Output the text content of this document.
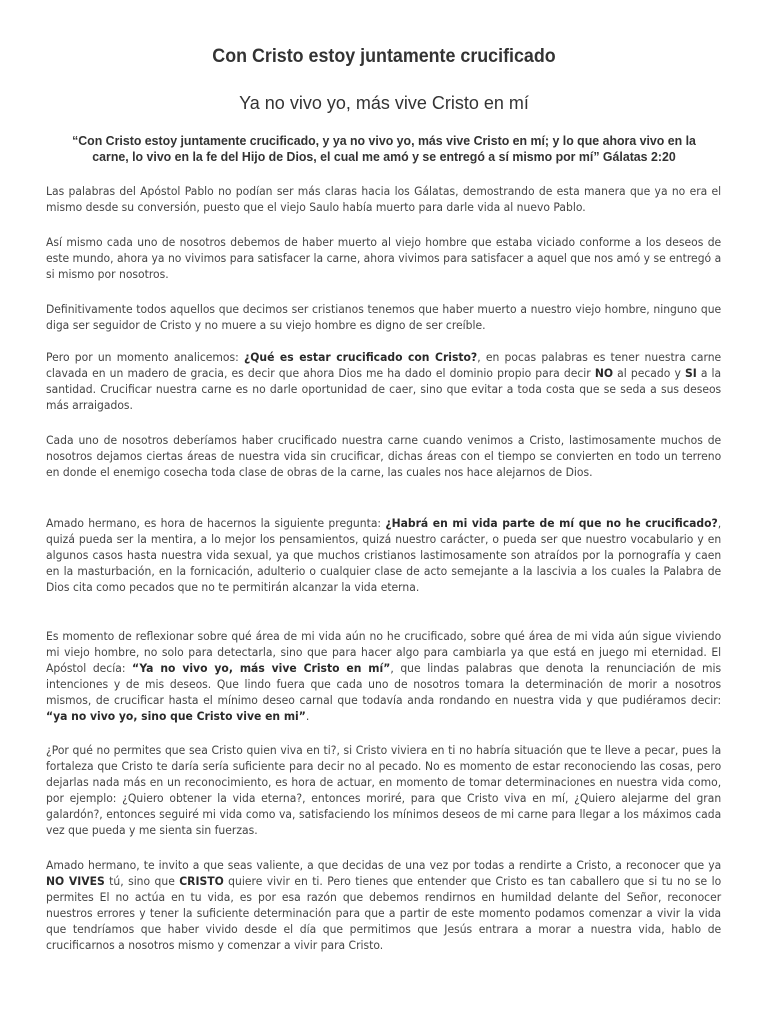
Con Cristo estoy juntamente crucificado
Ya no vivo yo, más vive Cristo en mí
“Con Cristo estoy juntamente crucificado, y ya no vivo yo, más vive Cristo en mí; y lo que ahora vivo en la carne, lo vivo en la fe del Hijo de Dios, el cual me amó y se entregó a sí mismo por mí” Gálatas 2:20

Las palabras del Apóstol Pablo no podían ser más claras hacia los Gálatas, demostrando de esta manera que ya no era el mismo desde su conversión, puesto que el viejo Saulo había muerto para darle vida al nuevo Pablo.

Así mismo cada uno de nosotros debemos de haber muerto al viejo hombre que estaba viciado conforme a los deseos de este mundo, ahora ya no vivimos para satisfacer la carne, ahora vivimos para satisfacer a aquel que nos amó y se entregó a si mismo por nosotros.

Definitivamente todos aquellos que decimos ser cristianos tenemos que haber muerto a nuestro viejo hombre, ninguno que diga ser seguidor de Cristo y no muere a su viejo hombre es digno de ser creíble.

Pero por un momento analicemos: ¿Qué es estar crucificado con Cristo?, en pocas palabras es tener nuestra carne clavada en un madero de gracia, es decir que ahora Dios me ha dado el dominio propio para decir NO al pecado y SI a la santidad. Crucificar nuestra carne es no darle oportunidad de caer, sino que evitar a toda costa que se seda a sus deseos más arraigados.

Cada uno de nosotros deberíamos haber crucificado nuestra carne cuando venimos a Cristo, lastimosamente muchos de nosotros dejamos ciertas áreas de nuestra vida sin crucificar, dichas áreas con el tiempo se convierten en todo un terreno en donde el enemigo cosecha toda clase de obras de la carne, las cuales nos hace alejarnos de Dios.

Amado hermano, es hora de hacernos la siguiente pregunta: ¿Habrá en mi vida parte de mí que no he crucificado?, quizá pueda ser la mentira, a lo mejor los pensamientos, quizá nuestro carácter, o pueda ser que nuestro vocabulario y en algunos casos hasta nuestra vida sexual, ya que muchos cristianos lastimosamente son atraídos por la pornografía y caen en la masturbación, en la fornicación, adulterio o cualquier clase de acto semejante a la lascivia a los cuales la Palabra de Dios cita como pecados que no te permitirán alcanzar la vida eterna.

Es momento de reflexionar sobre qué área de mi vida aún no he crucificado, sobre qué área de mi vida aún sigue viviendo mi viejo hombre, no solo para detectarla, sino que para hacer algo para cambiarla ya que está en juego mi eternidad. El Apóstol decía: “Ya no vivo yo, más vive Cristo en mí”, que lindas palabras que denota la renunciación de mis intenciones y de mis deseos. Que lindo fuera que cada uno de nosotros tomara la determinación de morir a nosotros mismos, de crucificar hasta el mínimo deseo carnal que todavía anda rondando en nuestra vida y que pudiéramos decir: “ya no vivo yo, sino que Cristo vive en mi”.

¿Por qué no permites que sea Cristo quien viva en ti?, si Cristo viviera en ti no habría situación que te lleve a pecar, pues la fortaleza que Cristo te daría sería suficiente para decir no al pecado. No es momento de estar reconociendo las cosas, pero dejarlas nada más en un reconocimiento, es hora de actuar, en momento de tomar determinaciones en nuestra vida como, por ejemplo: ¿Quiero obtener la vida eterna?, entonces moriré, para que Cristo viva en mí, ¿Quiero alejarme del gran galardón?, entonces seguiré mi vida como va, satisfaciendo los mínimos deseos de mi carne para llegar a los máximos cada vez que pueda y me sienta sin fuerzas.

Amado hermano, te invito a que seas valiente, a que decidas de una vez por todas a rendirte a Cristo, a reconocer que ya NO VIVES tú, sino que CRISTO quiere vivir en ti. Pero tienes que entender que Cristo es tan caballero que si tu no se lo permites El no actúa en tu vida, es por esa razón que debemos rendirnos en humildad delante del Señor, reconocer nuestros errores y tener la suficiente determinación para que a partir de este momento podamos comenzar a vivir la vida que tendríamos que haber vivido desde el día que permitimos que Jesús entrara a morar a nuestra vida, hablo de crucificarnos a nosotros mismo y comenzar a vivir para Cristo.
